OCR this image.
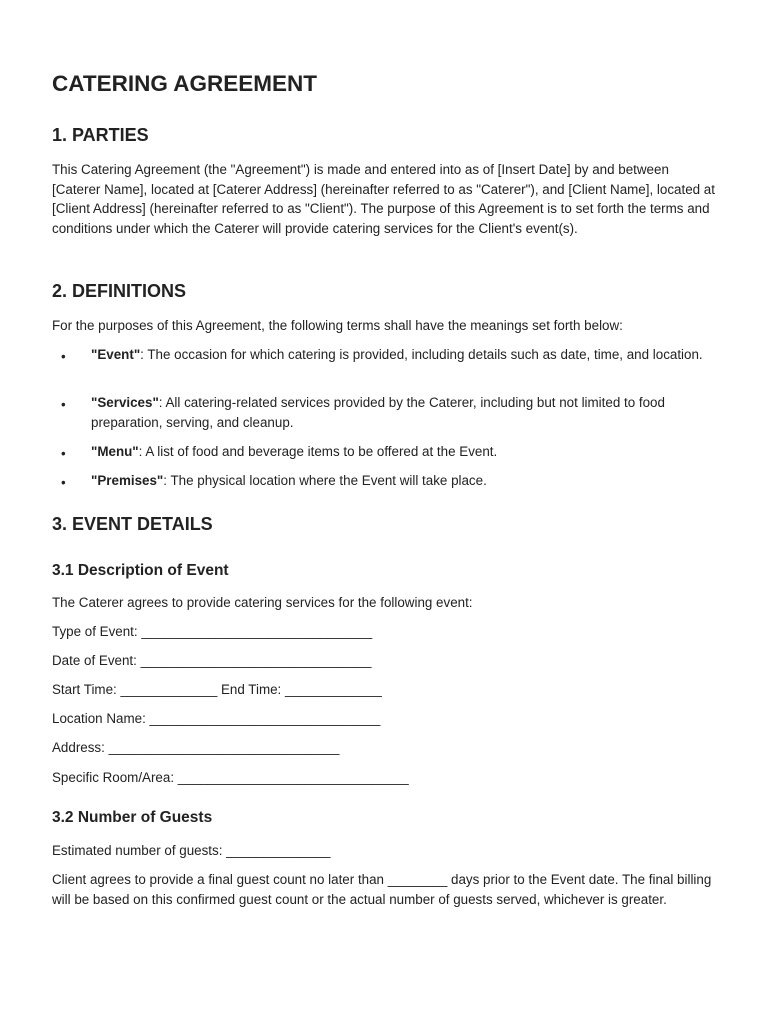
CATERING AGREEMENT
1. PARTIES

This Catering Agreement (the "Agreement") is made and entered into as of [Insert Date] by and between [Caterer Name], located at [Caterer Address] (hereinafter referred to as "Caterer"), and [Client Name], located at [Client Address] (hereinafter referred to as "Client"). The purpose of this Agreement is to set forth the terms and conditions under which the Caterer will provide catering services for the Client's event(s).

2. DEFINITIONS

For the purposes of this Agreement, the following terms shall have the meanings set forth below:

• "Event": The occasion for which catering is provided, including details such as date, time, and location.
• "Services": All catering-related services provided by the Caterer, including but not limited to food preparation, serving, and cleanup.
• "Menu": A list of food and beverage items to be offered at the Event.
• "Premises": The physical location where the Event will take place.
3. EVENT DETAILS
3.1 Description of Event

The Caterer agrees to provide catering services for the following event:

Type of Event: _______________________________

Date of Event: _______________________________

Start Time: _____________ End Time: _____________

Location Name: _______________________________

Address: _______________________________

Specific Room/Area: _______________________________

3.2 Number of Guests

Estimated number of guests: ______________

Client agrees to provide a final guest count no later than ________ days prior to the Event date. The final billing will be based on this confirmed guest count or the actual number of guests served, whichever is greater.
